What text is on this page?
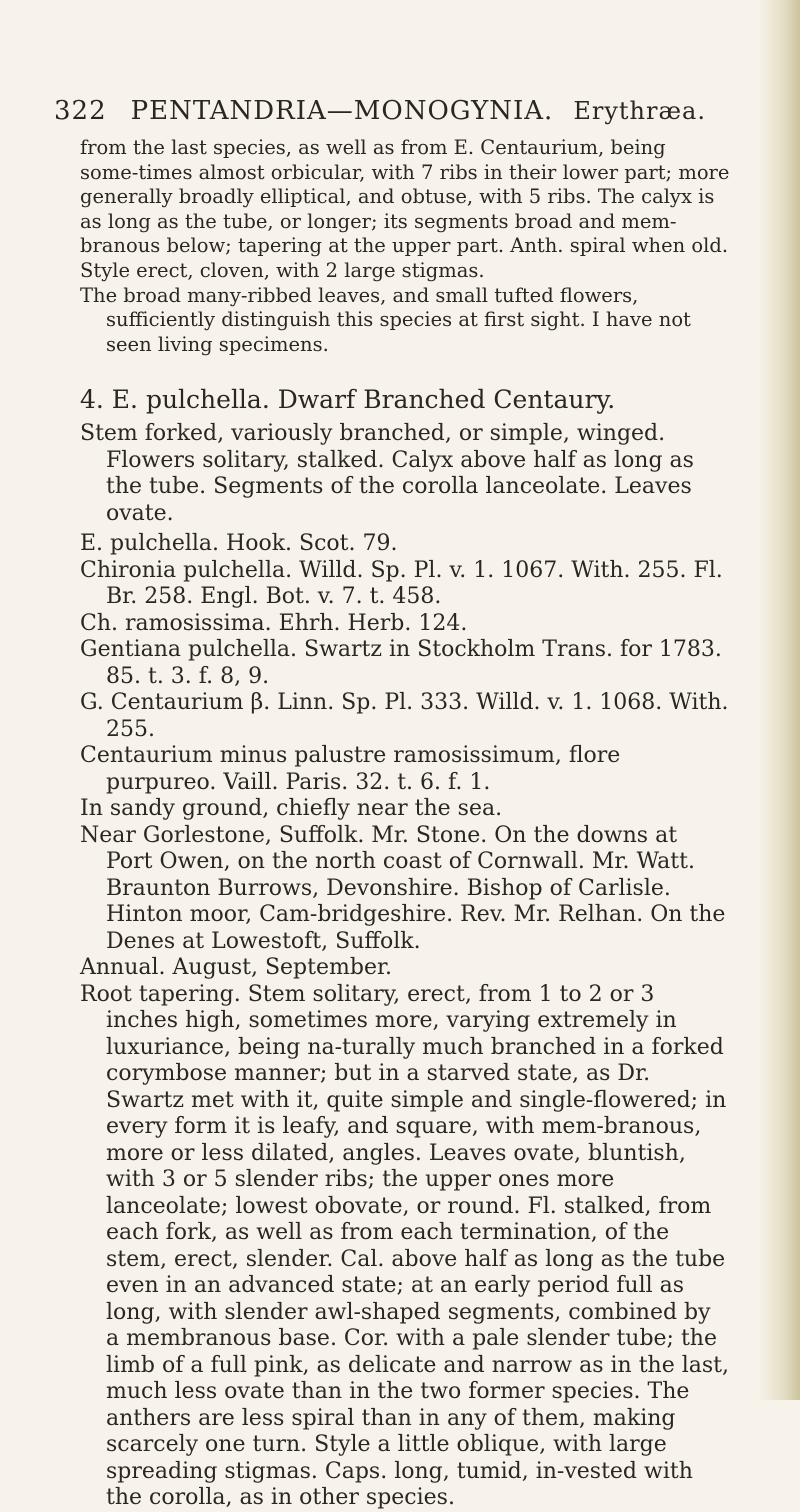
322 PENTANDRIA—MONOGYNIA. Erythræa.

from the last species, as well as from E. Centaurium, being some-times almost orbicular, with 7 ribs in their lower part; more generally broadly elliptical, and obtuse, with 5 ribs. The calyx is as long as the tube, or longer; its segments broad and mem-branous below; tapering at the upper part. Anth. spiral when old. Style erect, cloven, with 2 large stigmas.

The broad many-ribbed leaves, and small tufted flowers, sufficiently distinguish this species at first sight. I have not seen living specimens.

4. E. pulchella. Dwarf Branched Centaury.

Stem forked, variously branched, or simple, winged. Flowers solitary, stalked. Calyx above half as long as the tube. Segments of the corolla lanceolate. Leaves ovate.

E. pulchella. Hook. Scot. 79.

Chironia pulchella. Willd. Sp. Pl. v. 1. 1067. With. 255. Fl. Br. 258. Engl. Bot. v. 7. t. 458.

Ch. ramosissima. Ehrh. Herb. 124.

Gentiana pulchella. Swartz in Stockholm Trans. for 1783. 85. t. 3. f. 8, 9.

G. Centaurium β. Linn. Sp. Pl. 333. Willd. v. 1. 1068. With. 255.

Centaurium minus palustre ramosissimum, flore purpureo. Vaill. Paris. 32. t. 6. f. 1.

In sandy ground, chiefly near the sea.

Near Gorlestone, Suffolk. Mr. Stone. On the downs at Port Owen, on the north coast of Cornwall. Mr. Watt. Braunton Burrows, Devonshire. Bishop of Carlisle. Hinton moor, Cam-bridgeshire. Rev. Mr. Relhan. On the Denes at Lowestoft, Suffolk.

Annual. August, September.

Root tapering. Stem solitary, erect, from 1 to 2 or 3 inches high, sometimes more, varying extremely in luxuriance, being na-turally much branched in a forked corymbose manner; but in a starved state, as Dr. Swartz met with it, quite simple and single-flowered; in every form it is leafy, and square, with mem-branous, more or less dilated, angles. Leaves ovate, bluntish, with 3 or 5 slender ribs; the upper ones more lanceolate; lowest obovate, or round. Fl. stalked, from each fork, as well as from each termination, of the stem, erect, slender. Cal. above half as long as the tube even in an advanced state; at an early period full as long, with slender awl-shaped segments, combined by a membranous base. Cor. with a pale slender tube; the limb of a full pink, as delicate and narrow as in the last, much less ovate than in the two former species. The anthers are less spiral than in any of them, making scarcely one turn. Style a little oblique, with large spreading stigmas. Caps. long, tumid, in-vested with the corolla, as in other species.
